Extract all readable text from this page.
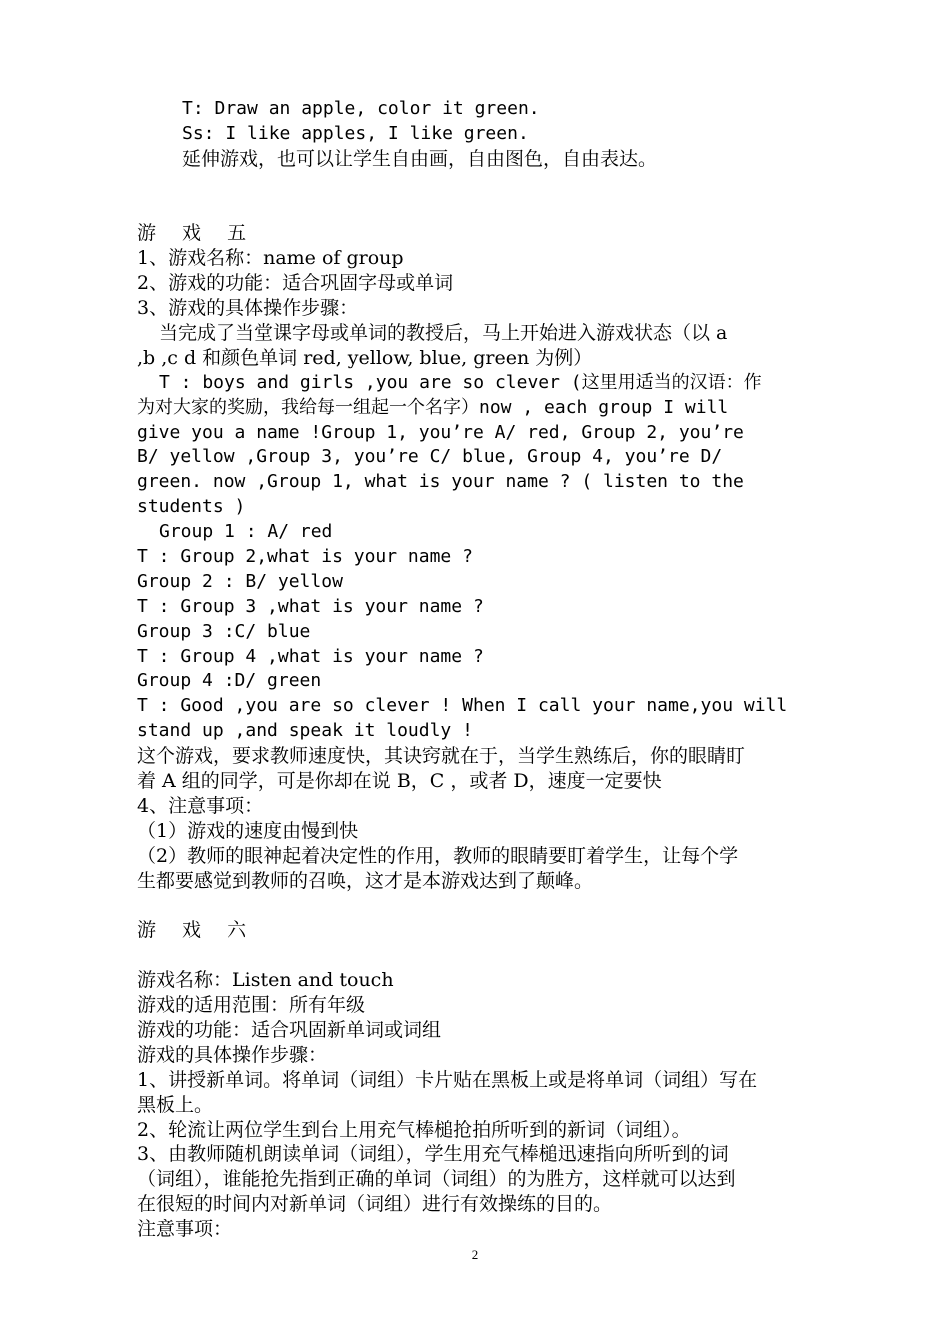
T: Draw an apple, color it green.
Ss: I like apples, I like green.
延伸游戏，也可以让学生自由画，自由图色，自由表达。
游 戏 五
1、游戏名称：name of group
2、游戏的功能：适合巩固字母或单词
3、游戏的具体操作步骤：
当完成了当堂课字母或单词的教授后，马上开始进入游戏状态（以 a
,b ,c d 和颜色单词 red, yellow, blue, green 为例）
T : boys and girls ,you are so clever (这里用适当的汉语：作
为对大家的奖励，我给每一组起一个名字）now , each group I will
give you a name !Group 1, you’re A/ red, Group 2, you’re
B/ yellow ,Group 3, you’re C/ blue, Group 4, you’re D/
green. now ,Group 1, what is your name ? ( listen to the
students )
Group 1 : A/ red
T : Group 2,what is your name ?
Group 2 : B/ yellow
T : Group 3 ,what is your name ?
Group 3 :C/ blue
T : Group 4 ,what is your name ?
Group 4 :D/ green
T : Good ,you are so clever ! When I call your name,you will
stand up ,and speak it loudly !
这个游戏，要求教师速度快，其诀窍就在于，当学生熟练后，你的眼睛盯
着 A 组的同学，可是你却在说 B，C ，或者 D，速度一定要快
4、注意事项：
（1）游戏的速度由慢到快
（2）教师的眼神起着决定性的作用，教师的眼睛要盯着学生，让每个学
生都要感觉到教师的召唤，这才是本游戏达到了颠峰。
游 戏 六
游戏名称：Listen and touch
游戏的适用范围：所有年级
游戏的功能：适合巩固新单词或词组
游戏的具体操作步骤：
1、讲授新单词。将单词（词组）卡片贴在黑板上或是将单词（词组）写在
黑板上。
2、轮流让两位学生到台上用充气棒槌抢拍所听到的新词（词组）。
3、由教师随机朗读单词（词组），学生用充气棒槌迅速指向所听到的词
（词组），谁能抢先指到正确的单词（词组）的为胜方，这样就可以达到
在很短的时间内对新单词（词组）进行有效操练的目的。
注意事项：
2
